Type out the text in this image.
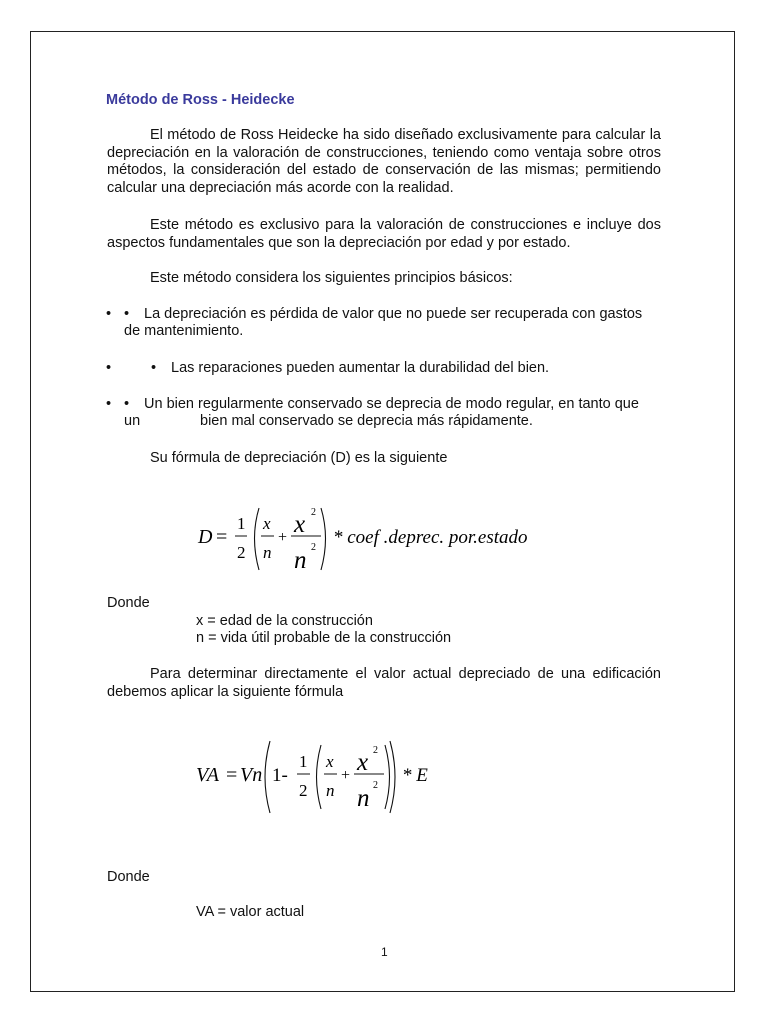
Método de Ross - Heidecke
El método de Ross Heidecke ha sido diseñado exclusivamente para calcular la depreciación en la valoración de construcciones, teniendo como ventaja sobre otros métodos, la consideración del estado de conservación de las mismas; permitiendo calcular una depreciación más acorde con la realidad.
Este método es exclusivo para la valoración de construcciones e incluye dos aspectos fundamentales que son la depreciación por edad y por estado.
Este método considera los siguientes principios básicos:
• • La depreciación es pérdida de valor que no puede ser recuperada con gastos
de mantenimiento.
•	• Las reparaciones pueden aumentar la durabilidad del bien.
• • Un bien regularmente conservado se deprecia de modo regular, en tanto que
un	bien mal conservado se deprecia más rápidamente.
Su fórmula de depreciación (D) es la siguiente
D =
1
2
x
n
+ x 2
n 2 * coef .deprec. por.estado
Donde
x = edad de la construcción
n = vida útil probable de la construcción
Para determinar directamente el valor actual depreciado de una edificación debemos aplicar la siguiente fórmula
VA = Vn 1-
1
2
x
n
+ x 2
n 2 * E
Donde
VA = valor actual
1
